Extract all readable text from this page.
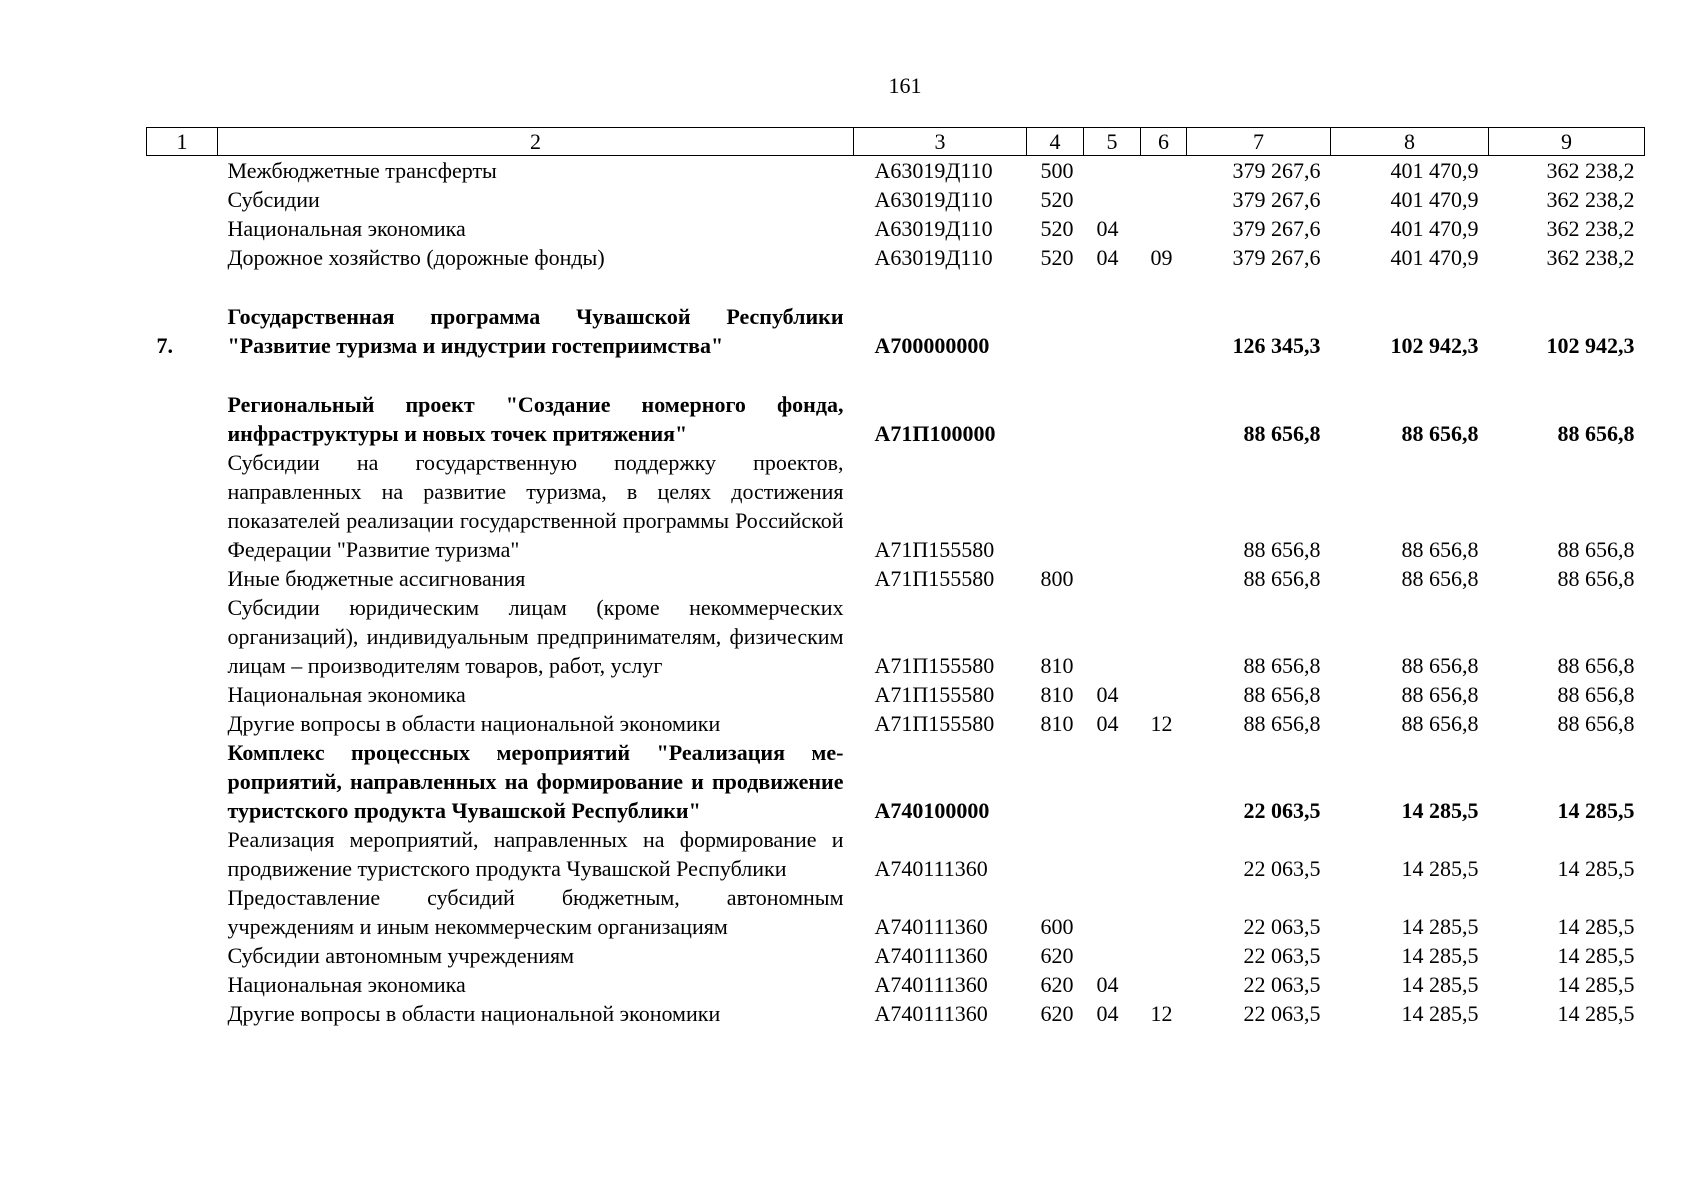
161
1	2	3	4	5	6	7	8	9
	Межбюджетные трансферты	А63019Д110	500			379 267,6	401 470,9	362 238,2
	Субсидии	А63019Д110	520			379 267,6	401 470,9	362 238,2
	Национальная экономика	А63019Д110	520	04		379 267,6	401 470,9	362 238,2
	Дорожное хозяйство (дорожные фонды)	А63019Д110	520	04	09	379 267,6	401 470,9	362 238,2

7.	Государственная программа Чувашской Республики "Развитие туризма и индустрии гостеприимства"	А700000000				126 345,3	102 942,3	102 942,3

	Региональный проект "Создание номерного фонда, инфраструктуры и новых точек притяжения"	А71П100000				88 656,8	88 656,8	88 656,8
	Субсидии на государственную поддержку проектов, направленных на развитие туризма, в целях достижения показателей реализации государственной программы Российской Федерации "Развитие туризма"	А71П155580				88 656,8	88 656,8	88 656,8
	Иные бюджетные ассигнования	А71П155580	800			88 656,8	88 656,8	88 656,8
	Субсидии юридическим лицам (кроме некоммерческих организаций), индивидуальным предпринимателям, физическим лицам – производителям товаров, работ, услуг	А71П155580	810			88 656,8	88 656,8	88 656,8
	Национальная экономика	А71П155580	810	04		88 656,8	88 656,8	88 656,8
	Другие вопросы в области национальной экономики	А71П155580	810	04	12	88 656,8	88 656,8	88 656,8
	Комплекс процессных мероприятий "Реализация мероприятий, направленных на формирование и продвижение туристского продукта Чувашской Республики"	А740100000				22 063,5	14 285,5	14 285,5
	Реализация мероприятий, направленных на формирование и продвижение туристского продукта Чувашской Республики	А740111360				22 063,5	14 285,5	14 285,5
	Предоставление субсидий бюджетным, автономным учреждениям и иным некоммерческим организациям	А740111360	600			22 063,5	14 285,5	14 285,5
	Субсидии автономным учреждениям	А740111360	620			22 063,5	14 285,5	14 285,5
	Национальная экономика	А740111360	620	04		22 063,5	14 285,5	14 285,5
	Другие вопросы в области национальной экономики	А740111360	620	04	12	22 063,5	14 285,5	14 285,5
